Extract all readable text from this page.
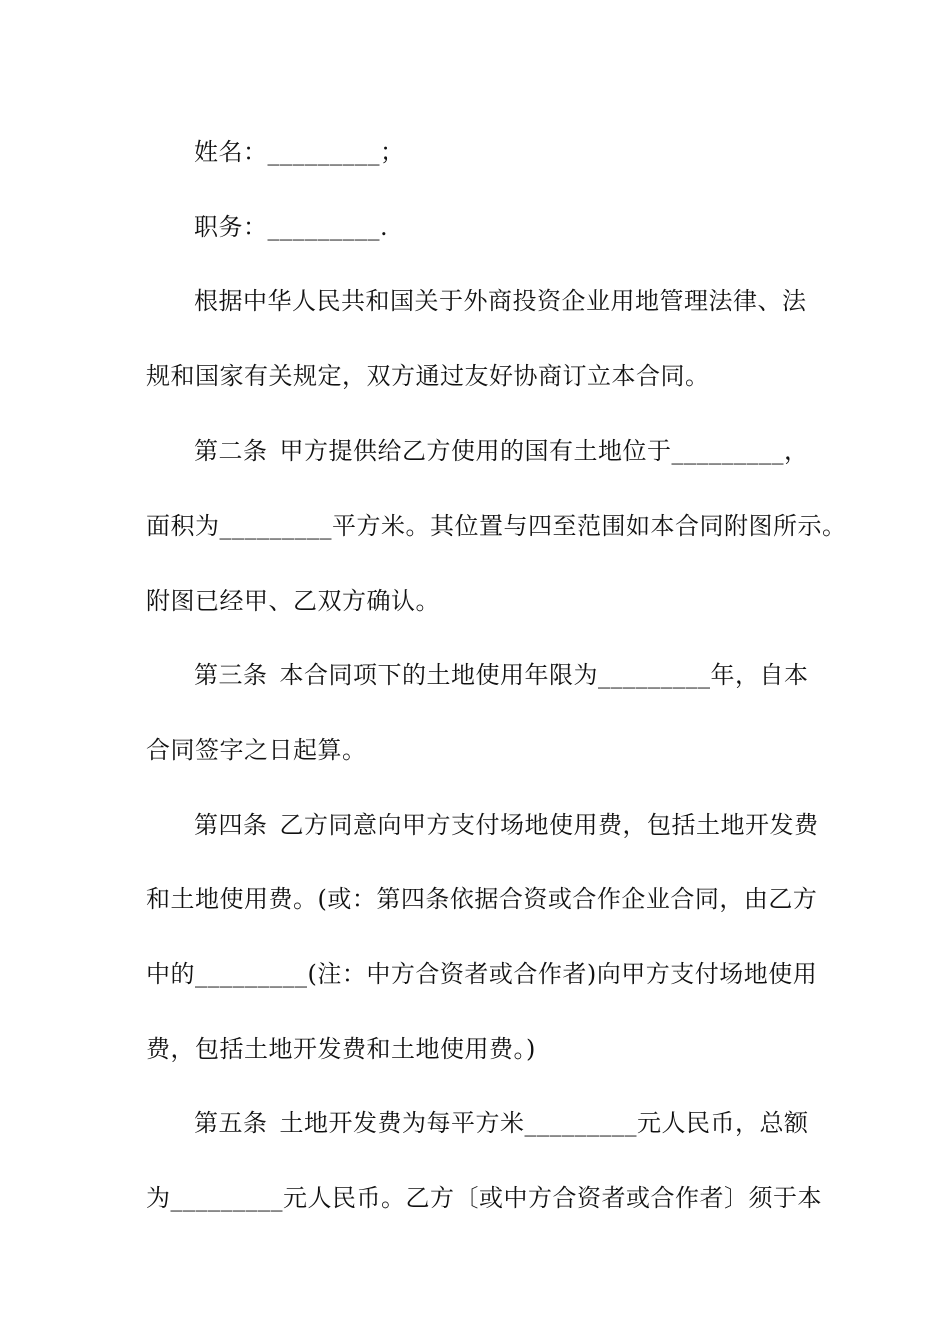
姓名：_________；
职务：_________.
根据中华人民共和国关于外商投资企业用地管理法律、法
规和国家有关规定，双方通过友好协商订立本合同。
第二条 甲方提供给乙方使用的国有土地位于_________，
面积为_________平方米。其位置与四至范围如本合同附图所示。
附图已经甲、乙双方确认。
第三条 本合同项下的土地使用年限为_________年，自本
合同签字之日起算。
第四条 乙方同意向甲方支付场地使用费，包括土地开发费
和土地使用费。(或：第四条依据合资或合作企业合同，由乙方
中的_________(注：中方合资者或合作者)向甲方支付场地使用
费，包括土地开发费和土地使用费。)
第五条 土地开发费为每平方米_________元人民币，总额
为_________元人民币。乙方〔或中方合资者或合作者〕须于本
